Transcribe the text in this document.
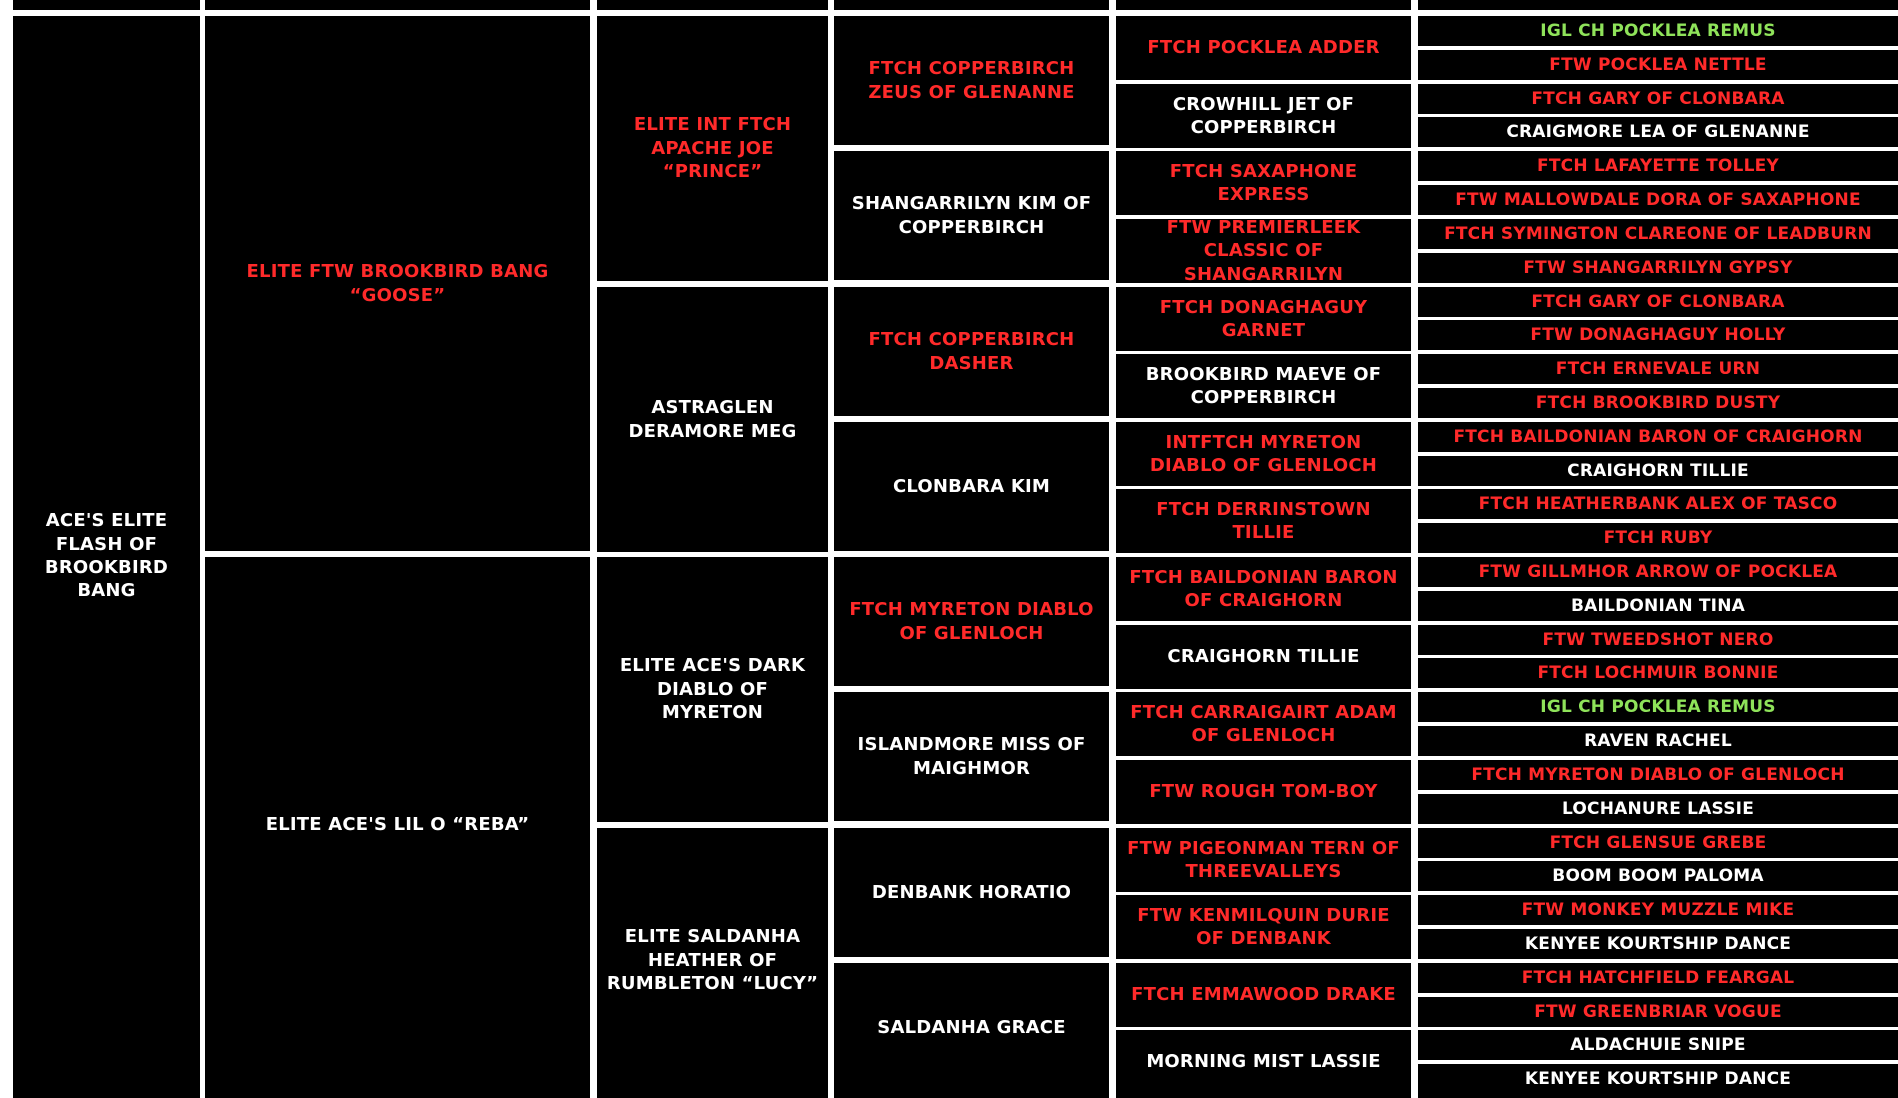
ACE'S ELITE FLASH OF BROOKBIRD BANG
ELITE FTW BROOKBIRD BANG “GOOSE”
ELITE ACE'S LIL O “REBA”
ELITE INT FTCH APACHE JOE “PRINCE”
ASTRAGLEN DERAMORE MEG
ELITE ACE'S DARK DIABLO OF MYRETON
ELITE SALDANHA HEATHER OF RUMBLETON “LUCY”
FTCH COPPERBIRCH ZEUS OF GLENANNE
SHANGARRILYN KIM OF COPPERBIRCH
FTCH COPPERBIRCH DASHER
CLONBARA KIM
FTCH MYRETON DIABLO OF GLENLOCH
ISLANDMORE MISS OF MAIGHMOR
DENBANK HORATIO
SALDANHA GRACE
FTCH POCKLEA ADDER
CROWHILL JET OF COPPERBIRCH
FTCH SAXAPHONE EXPRESS
FTW PREMIERLEEK CLASSIC OF SHANGARRILYN
FTCH DONAGHAGUY GARNET
BROOKBIRD MAEVE OF COPPERBIRCH
INTFTCH MYRETON DIABLO OF GLENLOCH
FTCH DERRINSTOWN TILLIE
FTCH BAILDONIAN BARON OF CRAIGHORN
CRAIGHORN TILLIE
FTCH CARRAIGAIRT ADAM OF GLENLOCH
FTW ROUGH TOM-BOY
FTW PIGEONMAN TERN OF THREEVALLEYS
FTW KENMILQUIN DURIE OF DENBANK
FTCH EMMAWOOD DRAKE
MORNING MIST LASSIE
IGL CH POCKLEA REMUS
FTW POCKLEA NETTLE
FTCH GARY OF CLONBARA
CRAIGMORE LEA OF GLENANNE
FTCH LAFAYETTE TOLLEY
FTW MALLOWDALE DORA OF SAXAPHONE
FTCH SYMINGTON CLAREONE OF LEADBURN
FTW SHANGARRILYN GYPSY
FTCH GARY OF CLONBARA
FTW DONAGHAGUY HOLLY
FTCH ERNEVALE URN
FTCH BROOKBIRD DUSTY
FTCH BAILDONIAN BARON OF CRAIGHORN
CRAIGHORN TILLIE
FTCH HEATHERBANK ALEX OF TASCO
FTCH RUBY
FTW GILLMHOR ARROW OF POCKLEA
BAILDONIAN TINA
FTW TWEEDSHOT NERO
FTCH LOCHMUIR BONNIE
IGL CH POCKLEA REMUS
RAVEN RACHEL
FTCH MYRETON DIABLO OF GLENLOCH
LOCHANURE LASSIE
FTCH GLENSUE GREBE
BOOM BOOM PALOMA
FTW MONKEY MUZZLE MIKE
KENYEE KOURTSHIP DANCE
FTCH HATCHFIELD FEARGAL
FTW GREENBRIAR VOGUE
ALDACHUIE SNIPE
KENYEE KOURTSHIP DANCE
